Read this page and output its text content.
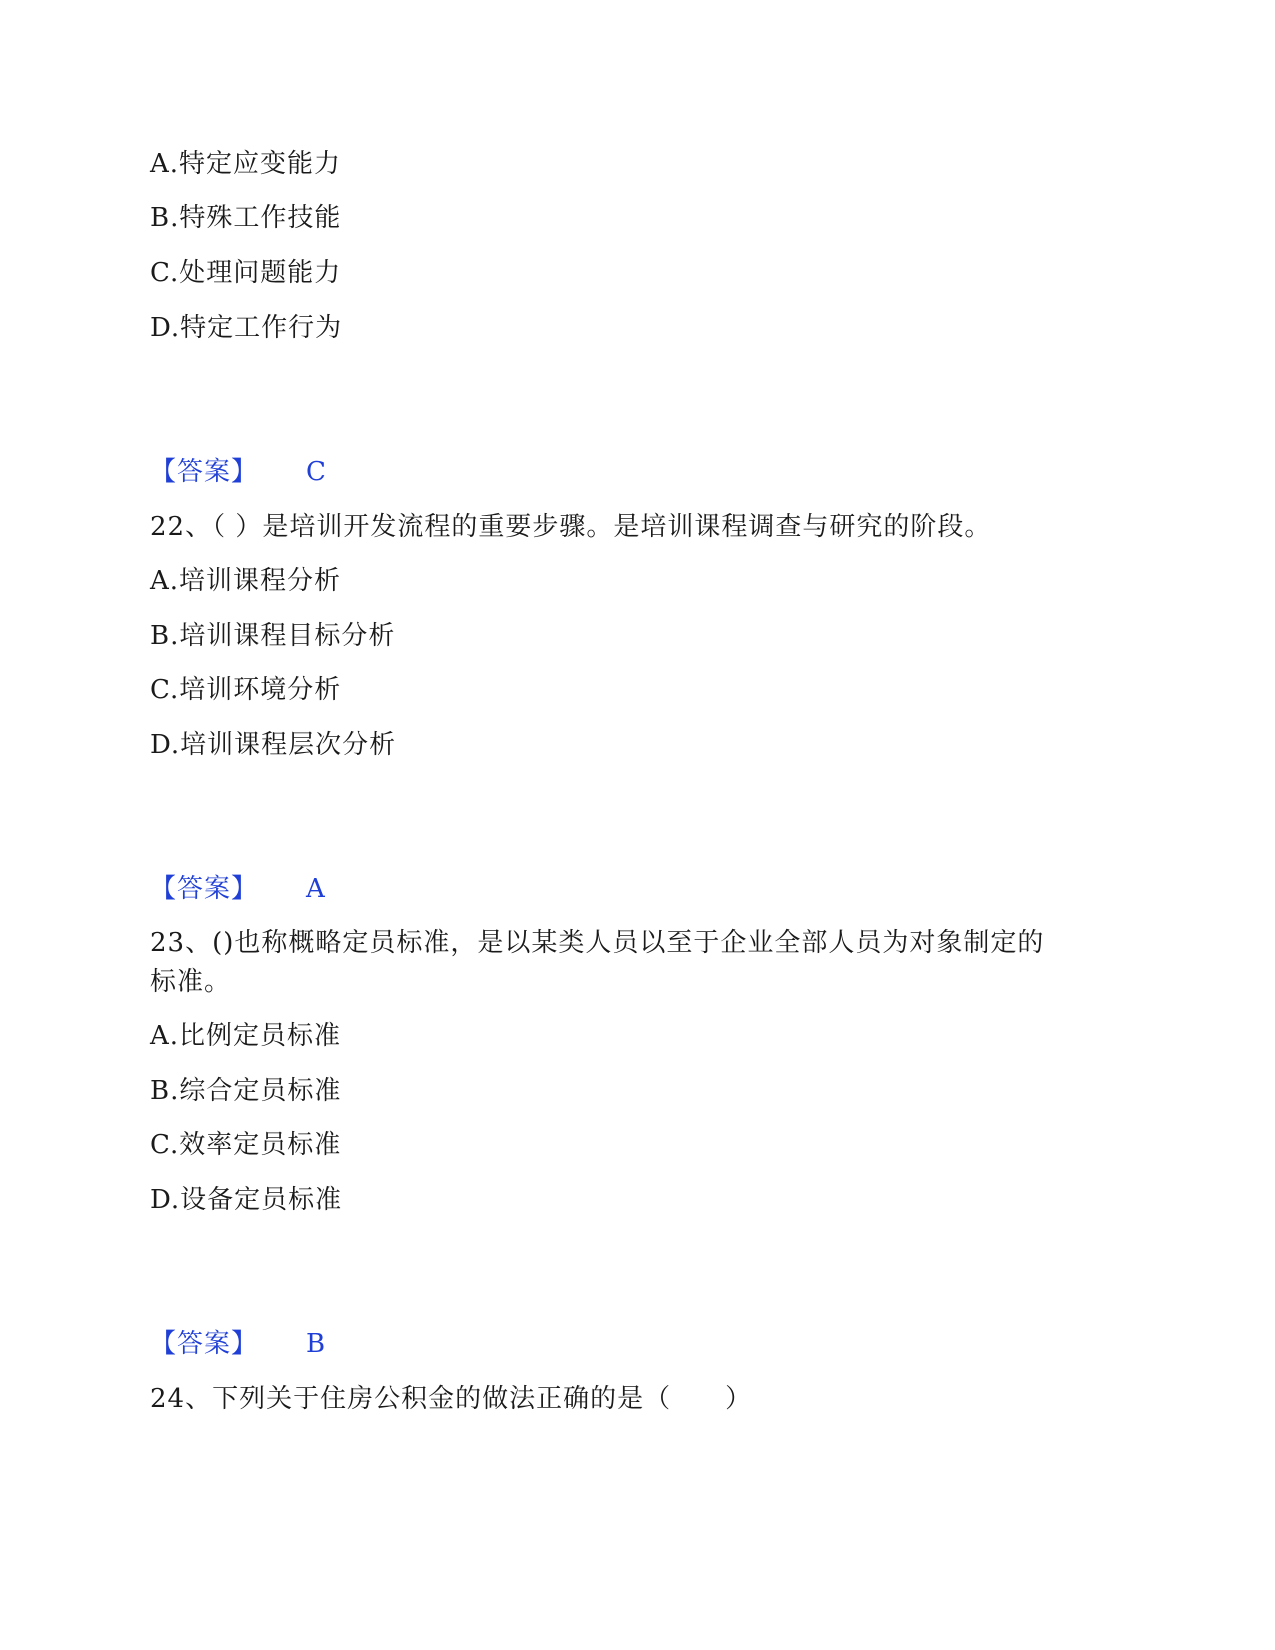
A.特定应变能力
B.特殊工作技能
C.处理问题能力
D.特定工作行为
【答案】 C
22、（ ）是培训开发流程的重要步骤。是培训课程调查与研究的阶段。
A.培训课程分析
B.培训课程目标分析
C.培训环境分析
D.培训课程层次分析
【答案】 A
23、()也称概略定员标准，是以某类人员以至于企业全部人员为对象制定的
标准。
A.比例定员标准
B.综合定员标准
C.效率定员标准
D.设备定员标准
【答案】 B
24、下列关于住房公积金的做法正确的是（　　）
